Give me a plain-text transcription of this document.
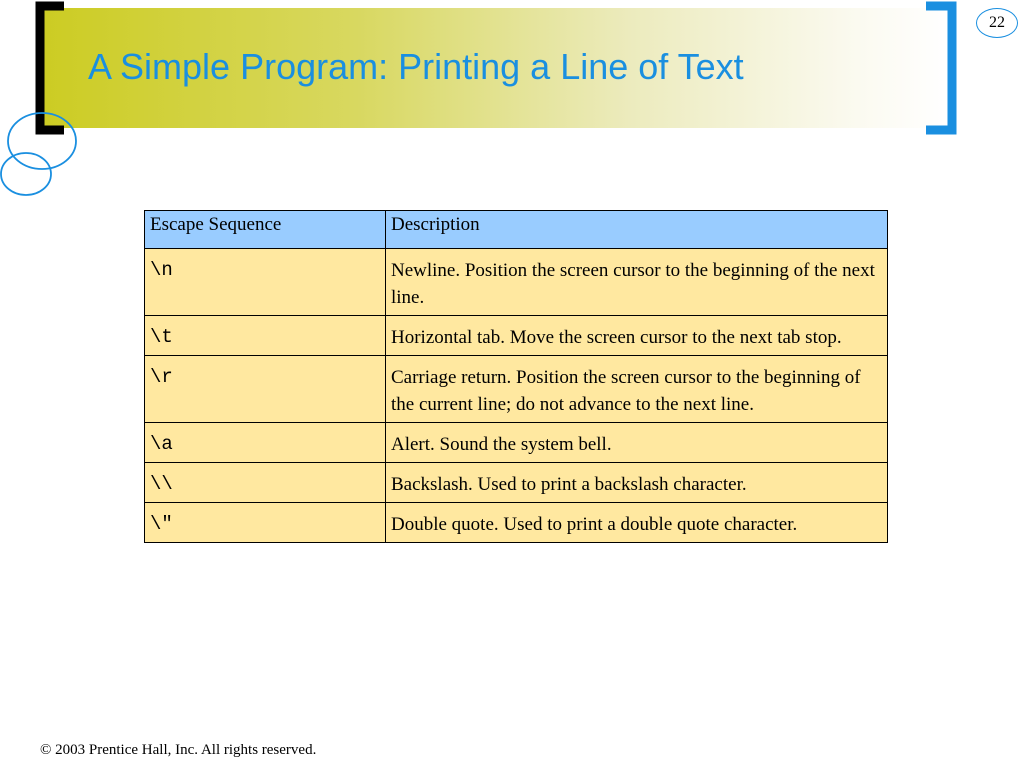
A Simple Program: Printing a Line of Text
22
Escape Sequence	Description
\n	Newline. Position the screen cursor to the beginning of the next line.
\t	Horizontal tab. Move the screen cursor to the next tab stop.
\r	Carriage return. Position the screen cursor to the beginning of the current line; do not advance to the next line.
\a	Alert. Sound the system bell.
\\	Backslash. Used to print a backslash character.
\"	Double quote. Used to print a double quote character.
© 2003 Prentice Hall, Inc. All rights reserved.
